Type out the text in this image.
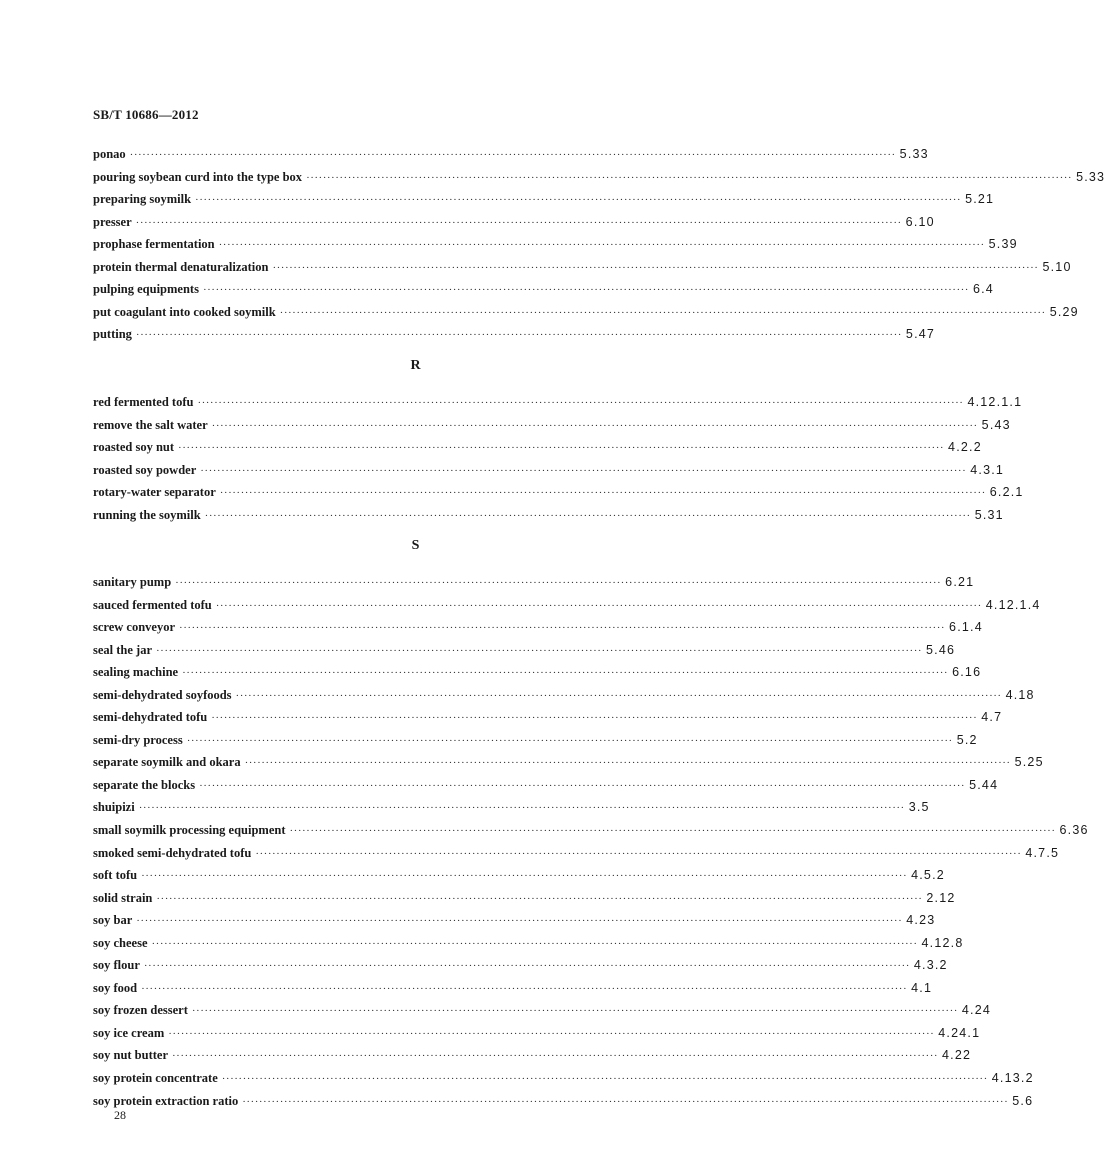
SB/T 10686—2012
ponao ························································································································································································ 5.33
pouring soybean curd into the type box ························································································································································································ 5.33
preparing soymilk ························································································································································································ 5.21
presser ························································································································································································ 6.10
prophase fermentation ························································································································································································ 5.39
protein thermal denaturalization ························································································································································································ 5.10
pulping equipments ························································································································································································ 6.4
put coagulant into cooked soymilk ························································································································································································ 5.29
putting ························································································································································································ 5.47
R
red fermented tofu ························································································································································································ 4.12.1.1
remove the salt water ························································································································································································ 5.43
roasted soy nut ························································································································································································ 4.2.2
roasted soy powder ························································································································································································ 4.3.1
rotary-water separator ························································································································································································ 6.2.1
running the soymilk ························································································································································································ 5.31
S
sanitary pump ························································································································································································ 6.21
sauced fermented tofu ························································································································································································ 4.12.1.4
screw conveyor ························································································································································································ 6.1.4
seal the jar ························································································································································································ 5.46
sealing machine ························································································································································································ 6.16
semi-dehydrated soyfoods ························································································································································································ 4.18
semi-dehydrated tofu ························································································································································································ 4.7
semi-dry process ························································································································································································ 5.2
separate soymilk and okara ························································································································································································ 5.25
separate the blocks ························································································································································································ 5.44
shuipizi ························································································································································································ 3.5
small soymilk processing equipment ························································································································································································ 6.36
smoked semi-dehydrated tofu ························································································································································································ 4.7.5
soft tofu ························································································································································································ 4.5.2
solid strain ························································································································································································ 2.12
soy bar ························································································································································································ 4.23
soy cheese ························································································································································································ 4.12.8
soy flour ························································································································································································ 4.3.2
soy food ························································································································································································ 4.1
soy frozen dessert ························································································································································································ 4.24
soy ice cream ························································································································································································ 4.24.1
soy nut butter ························································································································································································ 4.22
soy protein concentrate ························································································································································································ 4.13.2
soy protein extraction ratio ························································································································································································ 5.6
28
